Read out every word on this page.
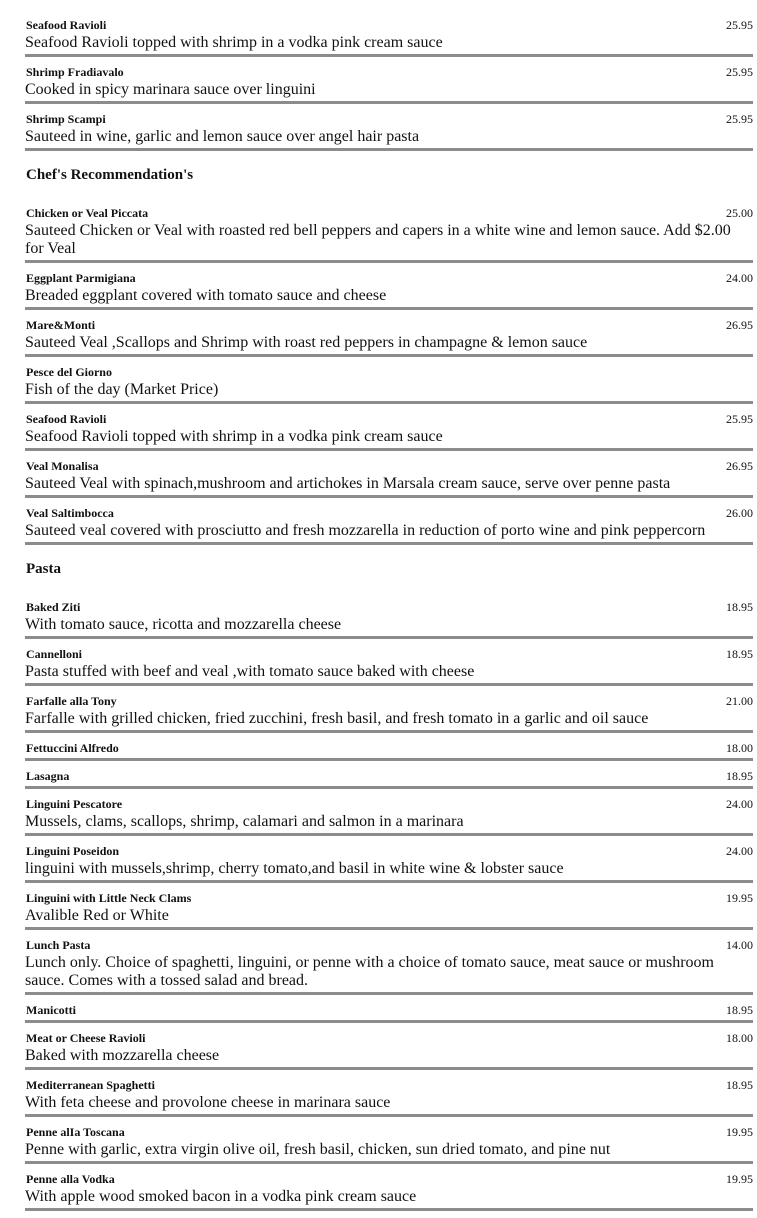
Seafood Ravioli	25.95
Seafood Ravioli topped with shrimp in a vodka pink cream sauce
Shrimp Fradiavalo	25.95
Cooked in spicy marinara sauce over linguini
Shrimp Scampi	25.95
Sauteed in wine, garlic and lemon sauce over angel hair pasta
Chef's Recommendation's
Chicken or Veal Piccata	25.00
Sauteed Chicken or Veal with roasted red bell peppers and capers in a white wine and lemon sauce. Add $2.00 for Veal
Eggplant Parmigiana	24.00
Breaded eggplant covered with tomato sauce and cheese
Mare&Monti	26.95
Sauteed Veal ,Scallops and Shrimp with roast red peppers in champagne & lemon sauce
Pesce del Giorno
Fish of the day (Market Price)
Seafood Ravioli	25.95
Seafood Ravioli topped with shrimp in a vodka pink cream sauce
Veal Monalisa	26.95
Sauteed Veal with spinach,mushroom and artichokes in Marsala cream sauce, serve over penne pasta
Veal Saltimbocca	26.00
Sauteed veal covered with prosciutto and fresh mozzarella in reduction of porto wine and pink peppercorn
Pasta
Baked Ziti	18.95
With tomato sauce, ricotta and mozzarella cheese
Cannelloni	18.95
Pasta stuffed with beef and veal ,with tomato sauce baked with cheese
Farfalle alla Tony	21.00
Farfalle with grilled chicken, fried zucchini, fresh basil, and fresh tomato in a garlic and oil sauce
Fettuccini Alfredo	18.00
Lasagna	18.95
Linguini Pescatore	24.00
Mussels, clams, scallops, shrimp, calamari and salmon in a marinara
Linguini Poseidon	24.00
linguini with mussels,shrimp, cherry tomato,and basil in white wine & lobster sauce
Linguini with Little Neck Clams	19.95
Avalible Red or White
Lunch Pasta	14.00
Lunch only. Choice of spaghetti, linguini, or penne with a choice of tomato sauce, meat sauce or mushroom sauce. Comes with a tossed salad and bread.
Manicotti	18.95
Meat or Cheese Ravioli	18.00
Baked with mozzarella cheese
Mediterranean Spaghetti	18.95
With feta cheese and provolone cheese in marinara sauce
Penne alIa Toscana	19.95
Penne with garlic, extra virgin olive oil, fresh basil, chicken, sun dried tomato, and pine nut
Penne alla Vodka	19.95
With apple wood smoked bacon in a vodka pink cream sauce
